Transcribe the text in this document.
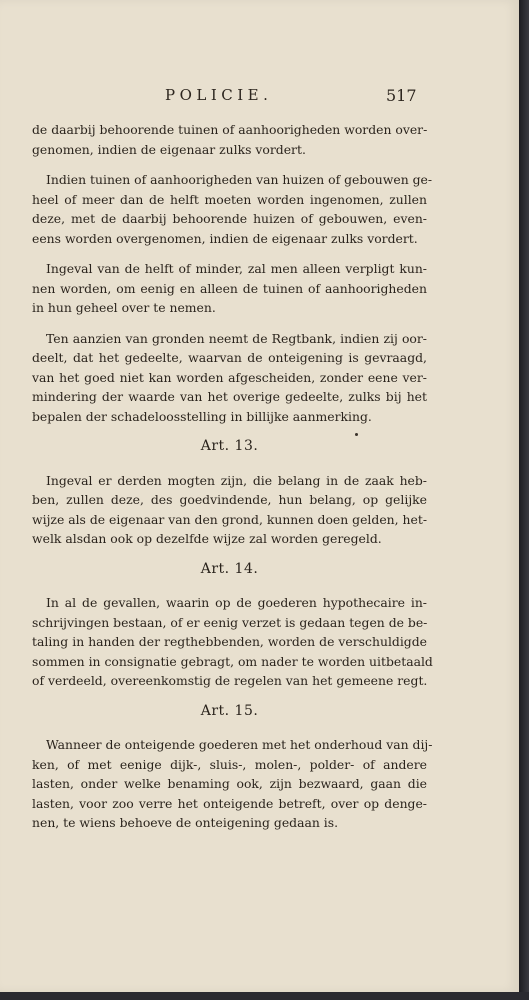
POLICIE.	517

de daarbij behoorende tuinen of aanhoorigheden worden over-
genomen, indien de eigenaar zulks vordert.

Indien tuinen of aanhoorigheden van huizen of gebouwen ge-
heel of meer dan de helft moeten worden ingenomen, zullen
deze, met de daarbij behoorende huizen of gebouwen, even-
eens worden overgenomen, indien de eigenaar zulks vordert.

Ingeval van de helft of minder, zal men alleen verpligt kun-
nen worden, om eenig en alleen de tuinen of aanhoorigheden
in hun geheel over te nemen.

Ten aanzien van gronden neemt de Regtbank, indien zij oor-
deelt, dat het gedeelte, waarvan de onteigening is gevraagd,
van het goed niet kan worden afgescheiden, zonder eene ver-
mindering der waarde van het overige gedeelte, zulks bij het
bepalen der schadeloosstelling in billijke aanmerking.

Art. 13.

Ingeval er derden mogten zijn, die belang in de zaak heb-
ben, zullen deze, des goedvindende, hun belang, op gelijke
wijze als de eigenaar van den grond, kunnen doen gelden, het-
welk alsdan ook op dezelfde wijze zal worden geregeld.

Art. 14.

In al de gevallen, waarin op de goederen hypothecaire in-
schrijvingen bestaan, of er eenig verzet is gedaan tegen de be-
taling in handen der regthebbenden, worden de verschuldigde
sommen in consignatie gebragt, om nader te worden uitbetaald
of verdeeld, overeenkomstig de regelen van het gemeene regt.

Art. 15.

Wanneer de onteigende goederen met het onderhoud van dij-
ken, of met eenige dijk-, sluis-, molen-, polder- of andere
lasten, onder welke benaming ook, zijn bezwaard, gaan die
lasten, voor zoo verre het onteigende betreft, over op denge-
nen, te wiens behoeve de onteigening gedaan is.
